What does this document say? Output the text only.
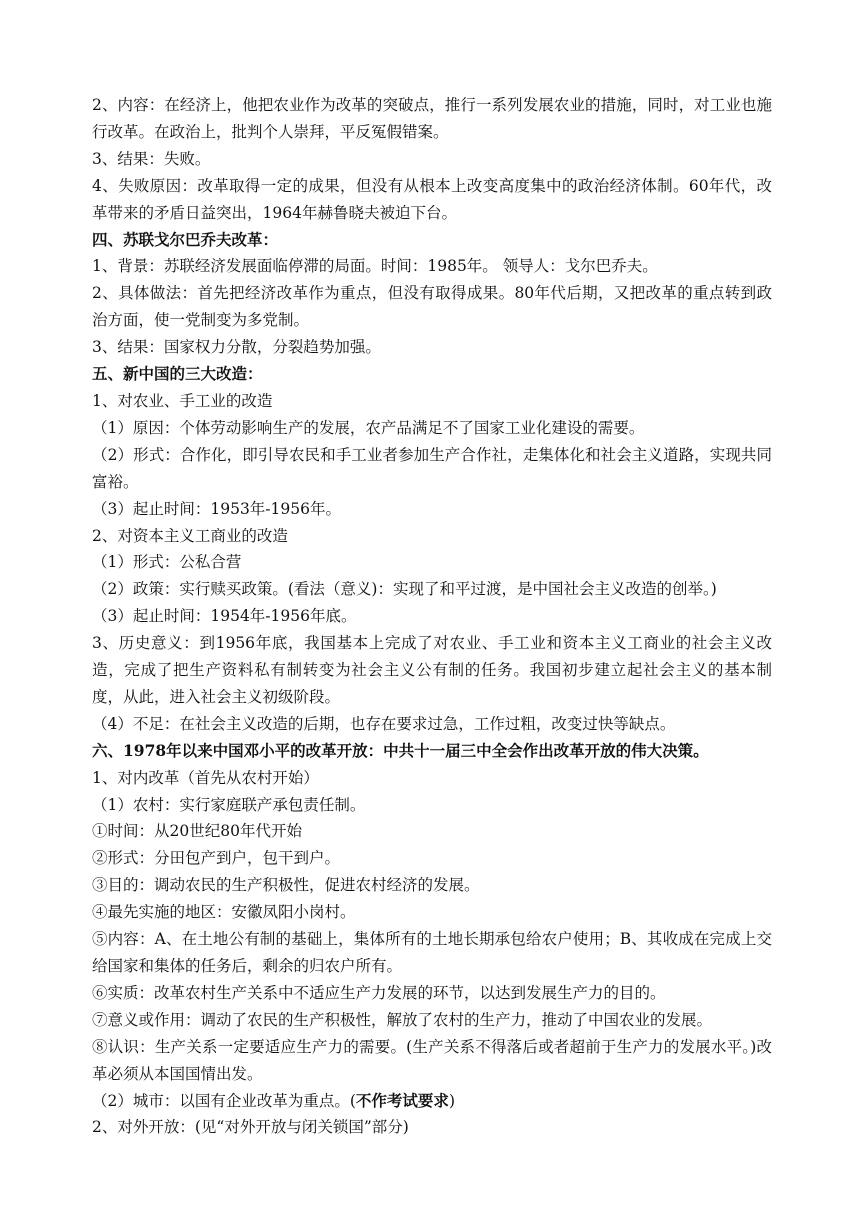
2、内容：在经济上，他把农业作为改革的突破点，推行一系列发展农业的措施，同时，对工业也施行改革。在政治上，批判个人崇拜，平反冤假错案。

3、结果：失败。

4、失败原因：改革取得一定的成果，但没有从根本上改变高度集中的政治经济体制。60年代，改革带来的矛盾日益突出，1964年赫鲁晓夫被迫下台。

四、苏联戈尔巴乔夫改革：

1、背景：苏联经济发展面临停滞的局面。时间：1985年。 领导人：戈尔巴乔夫。

2、具体做法：首先把经济改革作为重点，但没有取得成果。80年代后期，又把改革的重点转到政治方面，使一党制变为多党制。

3、结果：国家权力分散，分裂趋势加强。

五、新中国的三大改造：

1、对农业、手工业的改造

（1）原因：个体劳动影响生产的发展，农产品满足不了国家工业化建设的需要。

（2）形式：合作化，即引导农民和手工业者参加生产合作社，走集体化和社会主义道路，实现共同富裕。

（3）起止时间：1953年-1956年。

2、对资本主义工商业的改造

（1）形式：公私合营

（2）政策：实行赎买政策。(看法（意义)：实现了和平过渡，是中国社会主义改造的创举。)

（3）起止时间：1954年-1956年底。

3、历史意义：到1956年底，我国基本上完成了对农业、手工业和资本主义工商业的社会主义改造，完成了把生产资料私有制转变为社会主义公有制的任务。我国初步建立起社会主义的基本制度，从此，进入社会主义初级阶段。

（4）不足：在社会主义改造的后期，也存在要求过急，工作过粗，改变过快等缺点。

六、1978年以来中国邓小平的改革开放：中共十一届三中全会作出改革开放的伟大决策。

1、对内改革（首先从农村开始）

（1）农村：实行家庭联产承包责任制。

①时间：从20世纪80年代开始

②形式：分田包产到户，包干到户。

③目的：调动农民的生产积极性，促进农村经济的发展。

④最先实施的地区：安徽凤阳小岗村。

⑤内容：A、在土地公有制的基础上，集体所有的土地长期承包给农户使用；B、其收成在完成上交给国家和集体的任务后，剩余的归农户所有。

⑥实质：改革农村生产关系中不适应生产力发展的环节，以达到发展生产力的目的。

⑦意义或作用：调动了农民的生产积极性，解放了农村的生产力，推动了中国农业的发展。

⑧认识：生产关系一定要适应生产力的需要。(生产关系不得落后或者超前于生产力的发展水平。)改革必须从本国国情出发。

（2）城市：以国有企业改革为重点。(不作考试要求)

2、对外开放：(见“对外开放与闭关锁国”部分)
